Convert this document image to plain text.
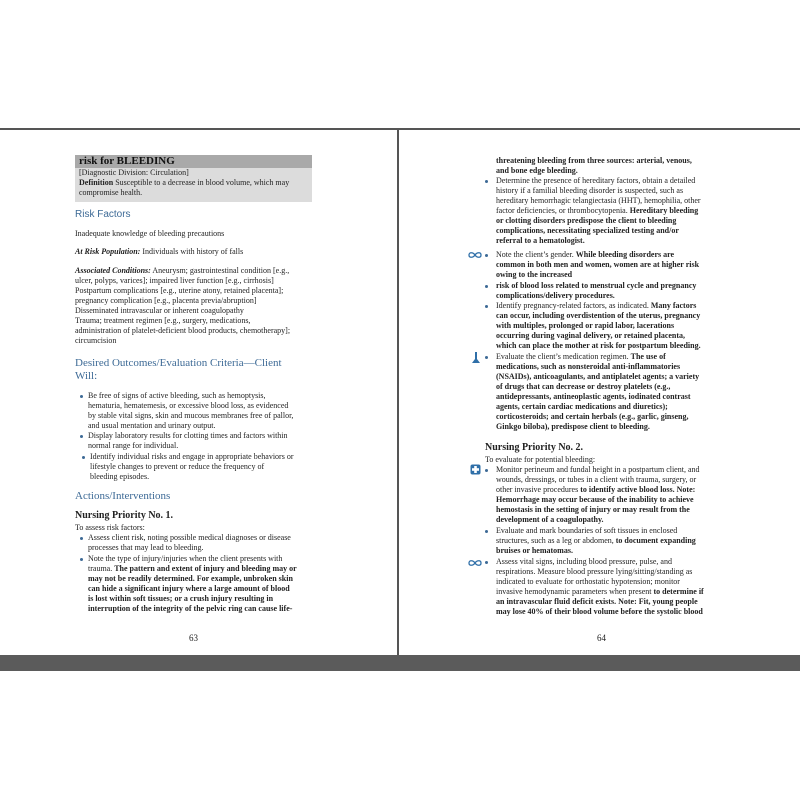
risk for BLEEDING
[Diagnostic Division: Circulation]
Definition Susceptible to a decrease in blood volume, which may
compromise health.
Risk Factors
Inadequate knowledge of bleeding precautions
At Risk Population: Individuals with history of falls
Associated Conditions: Aneurysm; gastrointestinal condition [e.g.,
ulcer, polyps, varices]; impaired liver function [e.g., cirrhosis]
Postpartum complications [e.g., uterine atony, retained placenta];
pregnancy complication [e.g., placenta previa/abruption]
Disseminated intravascular or inherent coagulopathy
Trauma; treatment regimen [e.g., surgery, medications,
administration of platelet-deficient blood products, chemotherapy];
circumcision
Desired Outcomes/Evaluation Criteria—Client
Will:
Be free of signs of active bleeding, such as hemoptysis,
hematuria, hematemesis, or excessive blood loss, as evidenced
by stable vital signs, skin and mucous membranes free of pallor,
and usual mentation and urinary output.
Display laboratory results for clotting times and factors within
normal range for individual.
Identify individual risks and engage in appropriate behaviors or
lifestyle changes to prevent or reduce the frequency of
bleeding episodes.
Actions/Interventions
Nursing Priority No. 1.
To assess risk factors:
Assess client risk, noting possible medical diagnoses or disease
processes that may lead to bleeding.
Note the type of injury/injuries when the client presents with
trauma. The pattern and extent of injury and bleeding may or
may not be readily determined. For example, unbroken skin
can hide a significant injury where a large amount of blood
is lost within soft tissues; or a crush injury resulting in
interruption of the integrity of the pelvic ring can cause life-
63
threatening bleeding from three sources: arterial, venous,
and bone edge bleeding.
Determine the presence of hereditary factors, obtain a detailed
history if a familial bleeding disorder is suspected, such as
hereditary hemorrhagic telangiectasia (HHT), hemophilia, other
factor deficiencies, or thrombocytopenia. Hereditary bleeding
or clotting disorders predispose the client to bleeding
complications, necessitating specialized testing and/or
referral to a hematologist.
Note the client’s gender. While bleeding disorders are
common in both men and women, women are at higher risk
owing to the increased
risk of blood loss related to menstrual cycle and pregnancy
complications/delivery procedures.
Identify pregnancy-related factors, as indicated. Many factors
can occur, including overdistention of the uterus, pregnancy
with multiples, prolonged or rapid labor, lacerations
occurring during vaginal delivery, or retained placenta,
which can place the mother at risk for postpartum bleeding.
Evaluate the client’s medication regimen. The use of
medications, such as nonsteroidal anti-inflammatories
(NSAIDs), anticoagulants, and antiplatelet agents; a variety
of drugs that can decrease or destroy platelets (e.g.,
antidepressants, antineoplastic agents, iodinated contrast
agents, certain cardiac medications and diuretics);
corticosteroids; and certain herbals (e.g., garlic, ginseng,
Ginkgo biloba), predispose client to bleeding.
Nursing Priority No. 2.
To evaluate for potential bleeding:
Monitor perineum and fundal height in a postpartum client, and
wounds, dressings, or tubes in a client with trauma, surgery, or
other invasive procedures to identify active blood loss. Note:
Hemorrhage may occur because of the inability to achieve
hemostasis in the setting of injury or may result from the
development of a coagulopathy.
Evaluate and mark boundaries of soft tissues in enclosed
structures, such as a leg or abdomen, to document expanding
bruises or hematomas.
Assess vital signs, including blood pressure, pulse, and
respirations. Measure blood pressure lying/sitting/standing as
indicated to evaluate for orthostatic hypotension; monitor
invasive hemodynamic parameters when present to determine if
an intravascular fluid deficit exists. Note: Fit, young people
may lose 40% of their blood volume before the systolic blood
64
